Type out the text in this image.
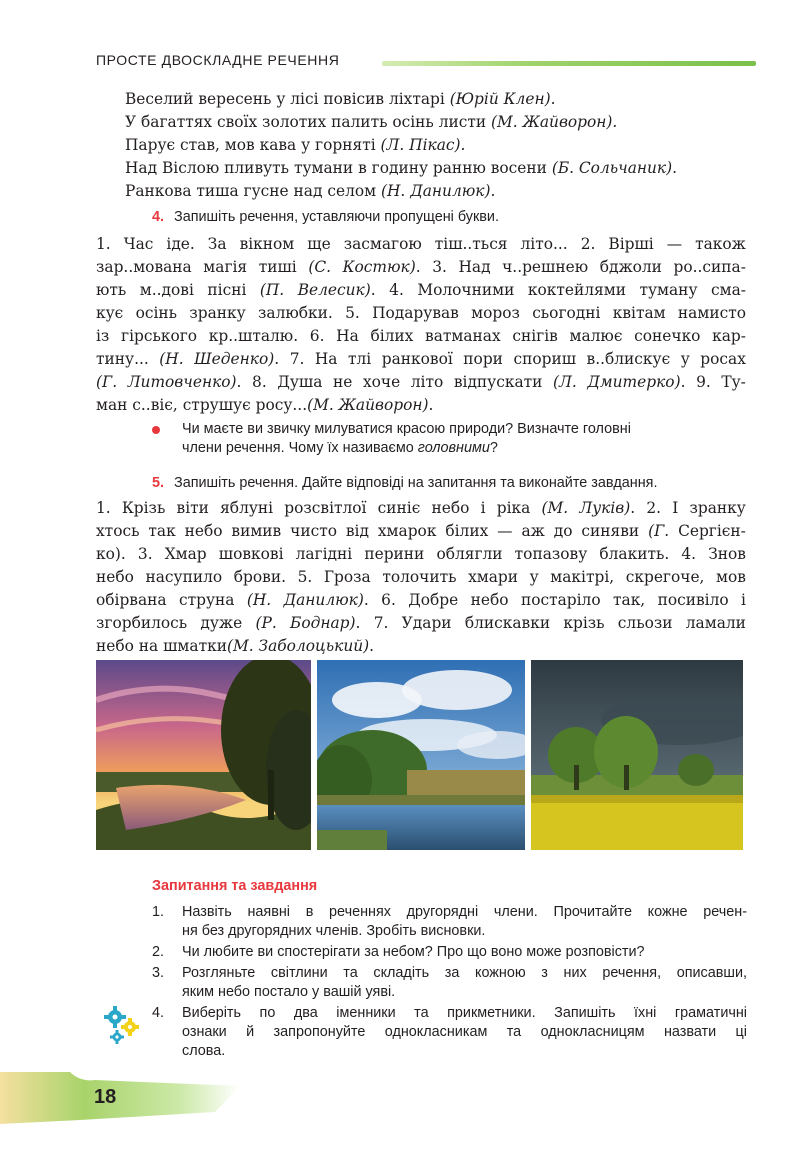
ПРОСТЕ ДВОСКЛАДНЕ РЕЧЕННЯ
Веселий вересень у лісі повісив ліхтарі (Юрій Клен).
У багаттях своїх золотих палить осінь листи (М. Жайворон).
Парує став, мов кава у горняті (Л. Пікас).
Над Віслою пливуть тумани в годину ранню восени (Б. Сольчаник).
Ранкова тиша гусне над селом (Н. Данилюк).
4. Запишіть речення, уставляючи пропущені букви.
1. Час іде. За вікном ще засмагою тіш..ться літо... 2. Вірші — також
зар..мована магія тиші (С. Костюк). 3. Над ч..решнею бджоли ро..сипа-
ють м..дові пісні (П. Велесик). 4. Молочними коктейлями туману сма-
кує осінь зранку залюбки. 5. Подарував мороз сьогодні квітам намисто
із гірського кр..шталю. 6. На білих ватманах снігів малює сонечко кар-
тину... (Н. Шеденко). 7. На тлі ранкової пори спориш в..блискує у росах
(Г. Литовченко). 8. Душа не хоче літо відпускати (Л. Дмитерко). 9. Ту-
ман с..віє, струшує росу... (М. Жайворон) .
Чи маєте ви звичку милуватися красою природи? Визначте головні
члени речення. Чому їх називаємо головними?
5. Запишіть речення. Дайте відповіді на запитання та виконайте завдання.
1. Крізь віти яблуні розсвітлої синіє небо і ріка (М. Луків). 2. І зранку
хтось так небо вимив чисто від хмарок білих — аж до синяви (Г. Сергієн-
ко). 3. Хмар шовкові лагідні перини облягли топазову блакить. 4. Знов
небо насупило брови. 5. Гроза толочить хмари у макітрі, скрегоче, мов
обірвана струна (Н. Данилюк). 6. Добре небо постаріло так, посивіло і
згорбилось дуже (Р. Боднар). 7. Удари блискавки крізь сльози ламали
небо на шматки (М. Заболоцький) .
Запитання та завдання
1. Назвіть наявні в реченнях другорядні члени. Прочитайте кожне речен-
ня без другорядних членів. Зробіть висновки.
2. Чи любите ви спостерігати за небом? Про що воно може розповісти?
3. Розгляньте світлини та складіть за кожною з них речення, описавши,
яким небо постало у вашій уяві.
4. Виберіть по два іменники та прикметники. Запишіть їхні граматичні
ознаки й запропонуйте однокласникам та однокласницям назвати ці
слова.
18
